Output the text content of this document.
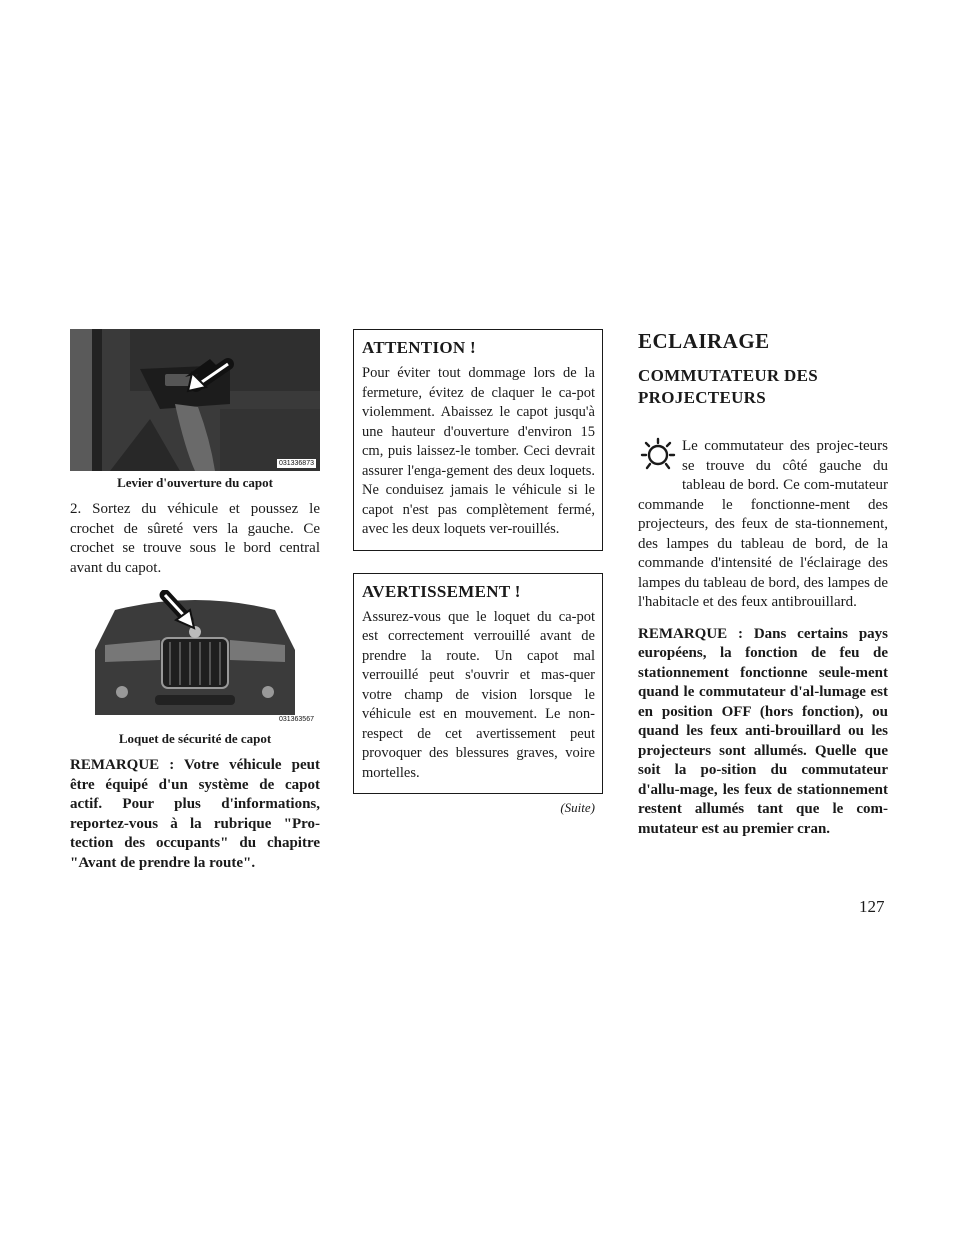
031336873
Levier d'ouverture du capot

2. Sortez du véhicule et poussez le crochet de sûreté vers la gauche. Ce crochet se trouve sous le bord central avant du capot.

031363567
Loquet de sécurité de capot

REMARQUE : Votre véhicule peut être équipé d'un système de capot actif. Pour plus d'informations, reportez-vous à la rubrique "Pro-tection des occupants" du chapitre "Avant de prendre la route".

ATTENTION !

Pour éviter tout dommage lors de la fermeture, évitez de claquer le ca-pot violemment. Abaissez le capot jusqu'à une hauteur d'ouverture d'environ 15 cm, puis laissez-le tomber. Ceci devrait assurer l'enga-gement des deux loquets. Ne conduisez jamais le véhicule si le capot n'est pas complètement fermé, avec les deux loquets ver-rouillés.

AVERTISSEMENT !

Assurez-vous que le loquet du ca-pot est correctement verrouillé avant de prendre la route. Un capot mal verrouillé peut s'ouvrir et mas-quer votre champ de vision lorsque le véhicule est en mouvement. Le non-respect de cet avertissement peut provoquer des blessures graves, voire mortelles.

(Suite)
ECLAIRAGE
COMMUTATEUR DES PROJECTEURS

Le commutateur des projec-teurs se trouve du côté gauche du tableau de bord. Ce com-mutateur commande le fonctionne-ment des projecteurs, des feux de sta-tionnement, des lampes du tableau de bord, de la commande d'intensité de l'éclairage des lampes du tableau de bord, des lampes de l'habitacle et des feux antibrouillard.

REMARQUE : Dans certains pays européens, la fonction de feu de stationnement fonctionne seule-ment quand le commutateur d'al-lumage est en position OFF (hors fonction), ou quand les feux anti-brouillard ou les projecteurs sont allumés. Quelle que soit la po-sition du commutateur d'allu-mage, les feux de stationnement restent allumés tant que le com-mutateur est au premier cran.

127
